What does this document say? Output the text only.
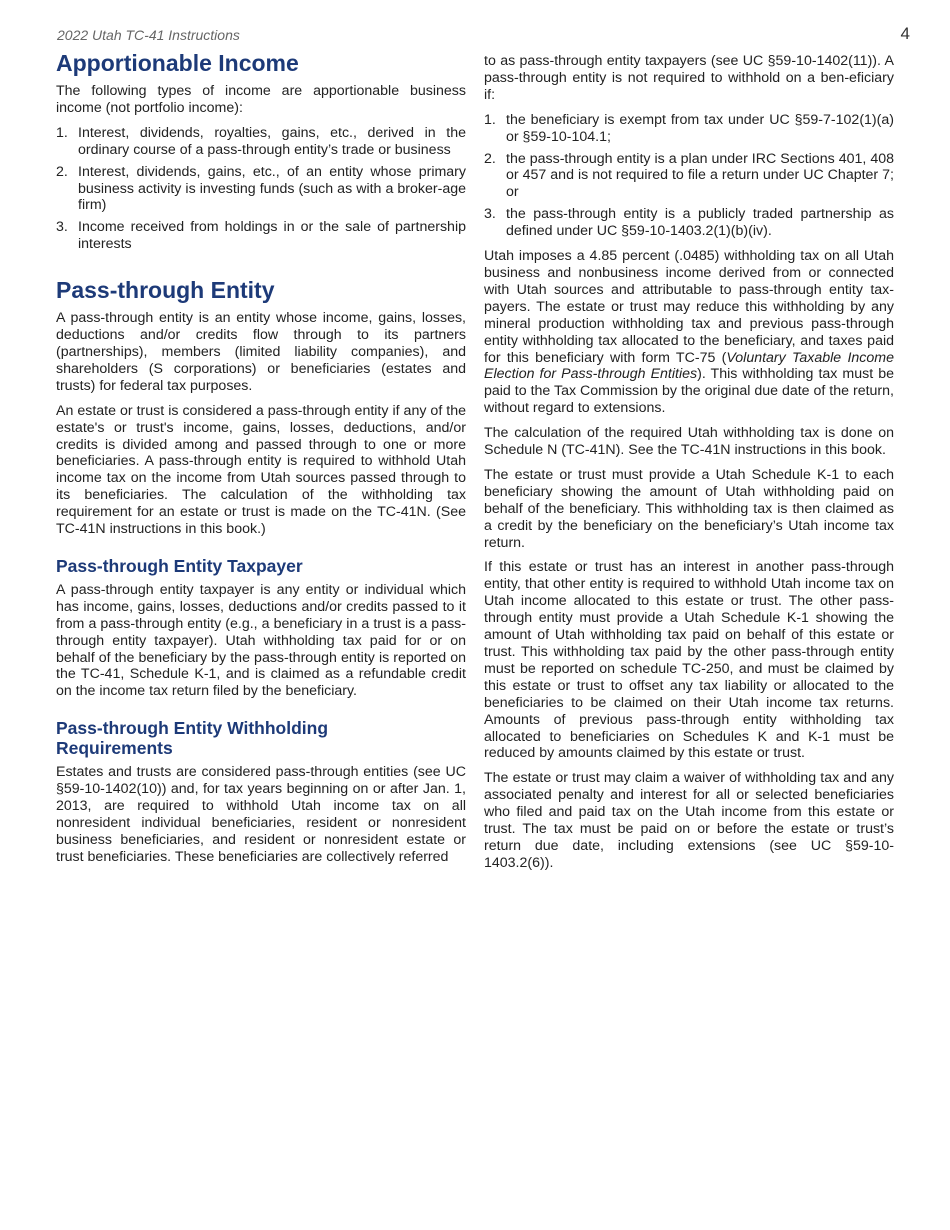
2022 Utah TC-41 Instructions	4
Apportionable Income

The following types of income are apportionable business income (not portfolio income):

1. Interest, dividends, royalties, gains, etc., derived in the ordinary course of a pass-through entity’s trade or business
2. Interest, dividends, gains, etc., of an entity whose primary business activity is investing funds (such as with a broker-age firm)
3. Income received from holdings in or the sale of partnership interests
Pass-through Entity

A pass-through entity is an entity whose income, gains, losses, deductions and/or credits flow through to its partners (partnerships), members (limited liability companies), and shareholders (S corporations) or beneficiaries (estates and trusts) for federal tax purposes.

An estate or trust is considered a pass-through entity if any of the estate's or trust's income, gains, losses, deductions, and/or credits is divided among and passed through to one or more beneficiaries. A pass-through entity is required to withhold Utah income tax on the income from Utah sources passed through to its beneficiaries. The calculation of the withholding tax requirement for an estate or trust is made on the TC-41N. (See TC-41N instructions in this book.)

Pass-through Entity Taxpayer

A pass-through entity taxpayer is any entity or individual which has income, gains, losses, deductions and/or credits passed to it from a pass-through entity (e.g., a beneficiary in a trust is a pass-through entity taxpayer). Utah withholding tax paid for or on behalf of the beneficiary by the pass-through entity is reported on the TC-41, Schedule K-1, and is claimed as a refundable credit on the income tax return filed by the beneficiary.

Pass-through Entity Withholding Requirements

Estates and trusts are considered pass-through entities (see UC §59-10-1402(10)) and, for tax years beginning on or after Jan. 1, 2013, are required to withhold Utah income tax on all nonresident individual beneficiaries, resident or nonresident business beneficiaries, and resident or nonresident estate or trust beneficiaries. These beneficiaries are collectively referred

to as pass-through entity taxpayers (see UC §59-10-1402(11)). A pass-through entity is not required to withhold on a ben-eficiary if:

1. the beneficiary is exempt from tax under UC §59-7-102(1)(a) or §59-10-104.1;
2. the pass-through entity is a plan under IRC Sections 401, 408 or 457 and is not required to file a return under UC Chapter 7; or
3. the pass-through entity is a publicly traded partnership as defined under UC §59-10-1403.2(1)(b)(iv).

Utah imposes a 4.85 percent (.0485) withholding tax on all Utah business and nonbusiness income derived from or connected with Utah sources and attributable to pass-through entity tax-payers. The estate or trust may reduce this withholding by any mineral production withholding tax and previous pass-through entity withholding tax allocated to the beneficiary, and taxes paid for this beneficiary with form TC-75 (Voluntary Taxable Income Election for Pass-through Entities). This withholding tax must be paid to the Tax Commission by the original due date of the return, without regard to extensions.

The calculation of the required Utah withholding tax is done on Schedule N (TC-41N). See the TC-41N instructions in this book.

The estate or trust must provide a Utah Schedule K-1 to each beneficiary showing the amount of Utah withholding paid on behalf of the beneficiary. This withholding tax is then claimed as a credit by the beneficiary on the beneficiary’s Utah income tax return.

If this estate or trust has an interest in another pass-through entity, that other entity is required to withhold Utah income tax on Utah income allocated to this estate or trust. The other pass-through entity must provide a Utah Schedule K-1 showing the amount of Utah withholding tax paid on behalf of this estate or trust. This withholding tax paid by the other pass-through entity must be reported on schedule TC-250, and must be claimed by this estate or trust to offset any tax liability or allocated to the beneficiaries to be claimed on their Utah income tax returns. Amounts of previous pass-through entity withholding tax allocated to beneficiaries on Schedules K and K-1 must be reduced by amounts claimed by this estate or trust.

The estate or trust may claim a waiver of withholding tax and any associated penalty and interest for all or selected beneficiaries who filed and paid tax on the Utah income from this estate or trust. The tax must be paid on or before the estate or trust’s return due date, including extensions (see UC §59-10-1403.2(6)).
